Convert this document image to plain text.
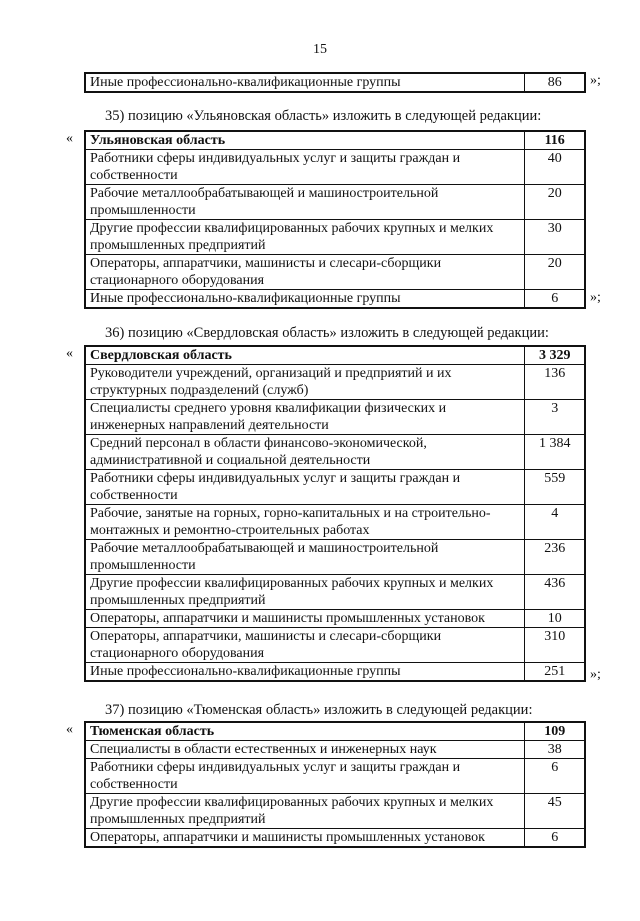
15
Иные профессионально-квалификационные группы	86 »;
35) позицию «Ульяновская область» изложить в следующей редакции:
« Ульяновская область	116
Работники сферы индивидуальных услуг и защиты граждан и собственности	40
Рабочие металлообрабатывающей и машиностроительной промышленности	20
Другие профессии квалифицированных рабочих крупных и мелких промышленных предприятий	30
Операторы, аппаратчики, машинисты и слесари-сборщики стационарного оборудования	20
Иные профессионально-квалификационные группы	6 »;
36) позицию «Свердловская область» изложить в следующей редакции:
« Свердловская область	3 329
Руководители учреждений, организаций и предприятий и их структурных подразделений (служб)	136
Специалисты среднего уровня квалификации физических и инженерных направлений деятельности	3
Средний персонал в области финансово-экономической, административной и социальной деятельности	1 384
Работники сферы индивидуальных услуг и защиты граждан и собственности	559
Рабочие, занятые на горных, горно-капитальных и на строительно-монтажных и ремонтно-строительных работах	4
Рабочие металлообрабатывающей и машиностроительной промышленности	236
Другие профессии квалифицированных рабочих крупных и мелких промышленных предприятий	436
Операторы, аппаратчики и машинисты промышленных установок	10
Операторы, аппаратчики, машинисты и слесари-сборщики стационарного оборудования	310
Иные профессионально-квалификационные группы	251 »;
37) позицию «Тюменская область» изложить в следующей редакции:
« Тюменская область	109
Специалисты в области естественных и инженерных наук	38
Работники сферы индивидуальных услуг и защиты граждан и собственности	6
Другие профессии квалифицированных рабочих крупных и мелких промышленных предприятий	45
Операторы, аппаратчики и машинисты промышленных установок	6
